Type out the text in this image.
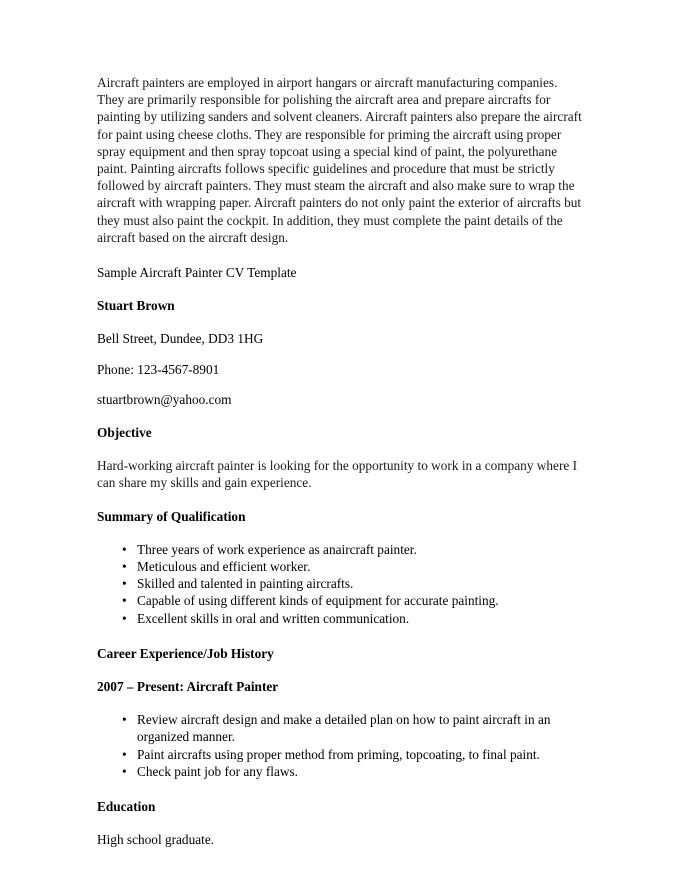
Aircraft painters are employed in airport hangars or aircraft manufacturing companies. They are primarily responsible for polishing the aircraft area and prepare aircrafts for painting by utilizing sanders and solvent cleaners. Aircraft painters also prepare the aircraft for paint using cheese cloths. They are responsible for priming the aircraft using proper spray equipment and then spray topcoat using a special kind of paint, the polyurethane paint. Painting aircrafts follows specific guidelines and procedure that must be strictly followed by aircraft painters. They must steam the aircraft and also make sure to wrap the aircraft with wrapping paper. Aircraft painters do not only paint the exterior of aircrafts but they must also paint the cockpit. In addition, they must complete the paint details of the aircraft based on the aircraft design.

Sample Aircraft Painter CV Template

Stuart Brown

Bell Street, Dundee, DD3 1HG

Phone: 123-4567-8901

stuartbrown@yahoo.com

Objective

Hard-working aircraft painter is looking for the opportunity to work in a company where I can share my skills and gain experience.

Summary of Qualification

• Three years of work experience as anaircraft painter.
• Meticulous and efficient worker.
• Skilled and talented in painting aircrafts.
• Capable of using different kinds of equipment for accurate painting.
• Excellent skills in oral and written communication.

Career Experience/Job History

2007 – Present: Aircraft Painter

• Review aircraft design and make a detailed plan on how to paint aircraft in an organized manner.
• Paint aircrafts using proper method from priming, topcoating, to final paint.
• Check paint job for any flaws.

Education

High school graduate.
